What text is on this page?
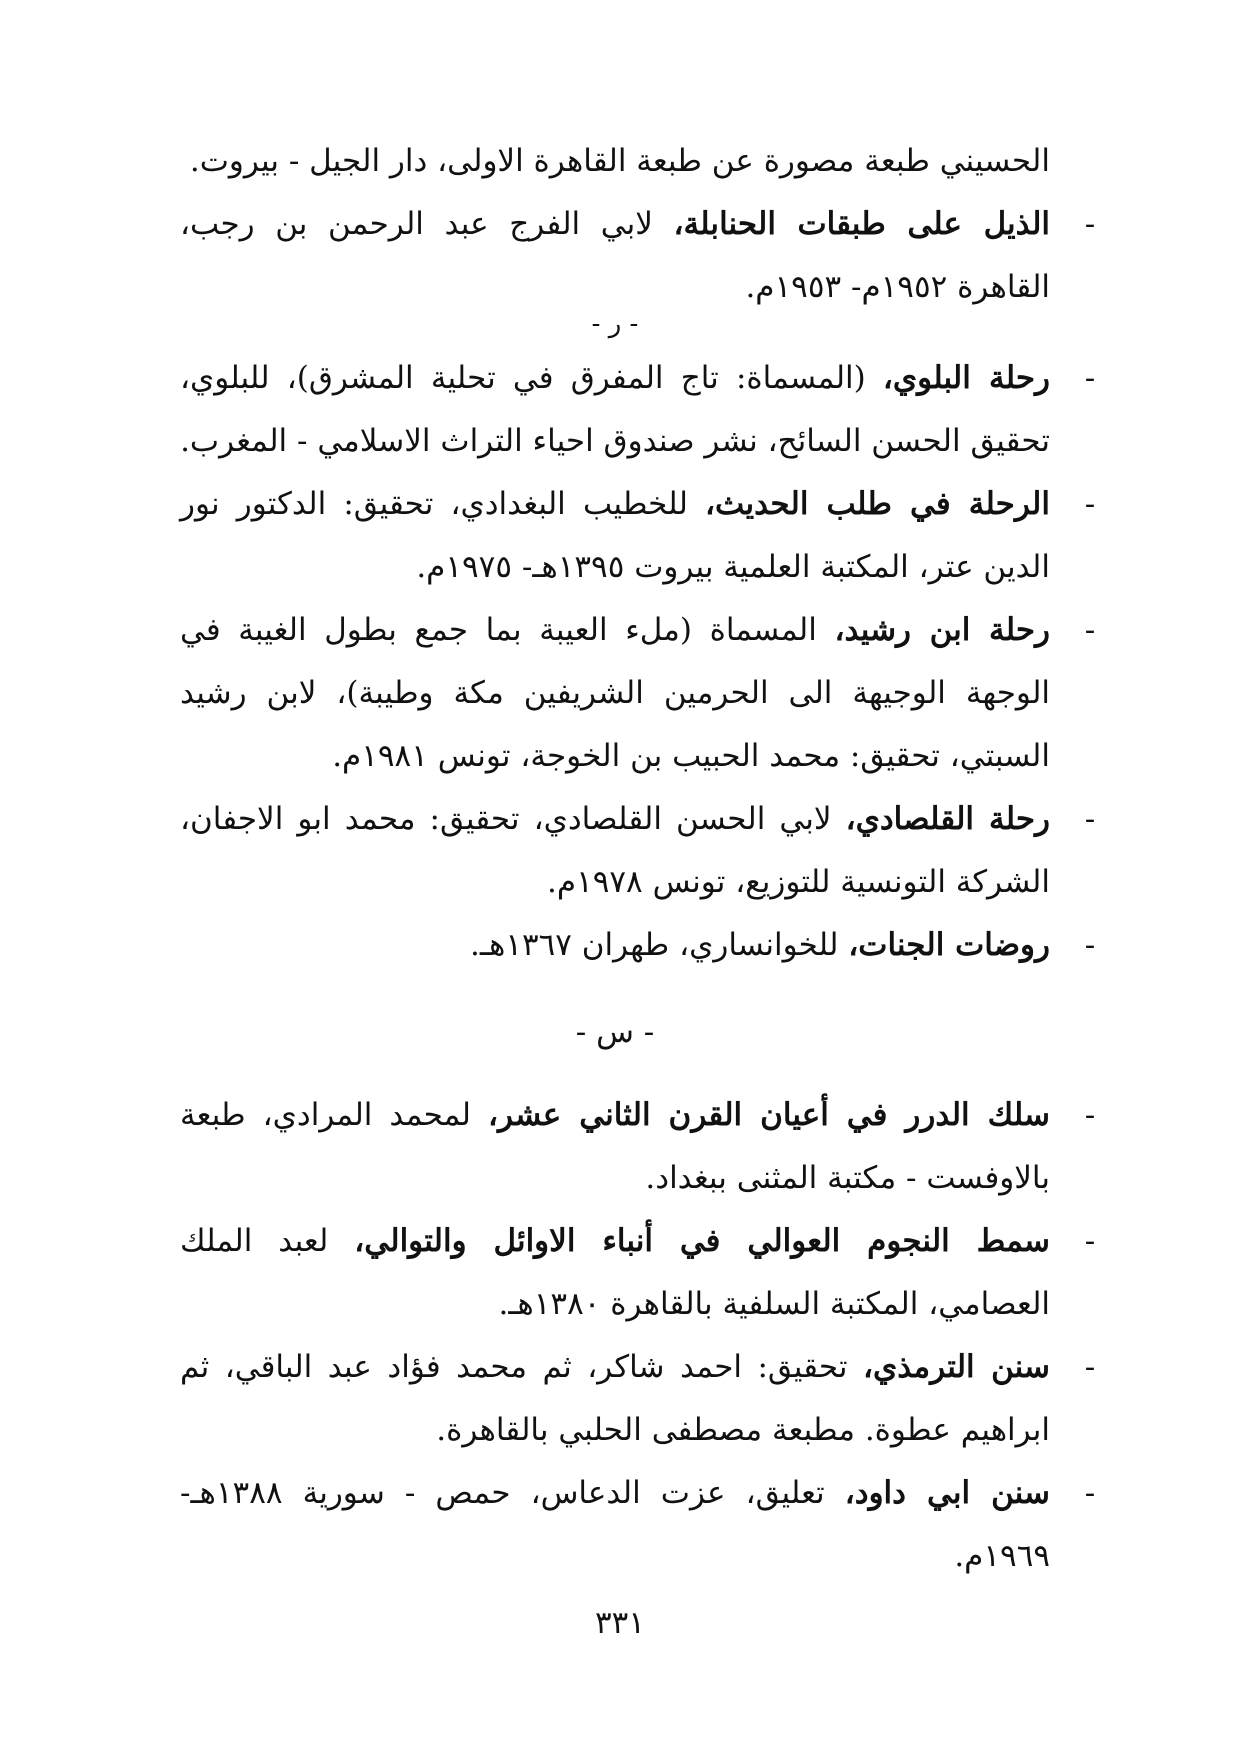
الحسيني طبعة مصورة عن طبعة القاهرة الاولى، دار الجيل - بيروت.

-
الذيل على طبقات الحنابلة، لابي الفرج عبد الرحمن بن رجب، القاهرة ١٩٥٢م- ١٩٥٣م.
- ر -
-
رحلة البلوي، (المسماة: تاج المفرق في تحلية المشرق)، للبلوي، تحقيق الحسن السائح، نشر صندوق احياء التراث الاسلامي - المغرب.
-
الرحلة في طلب الحديث، للخطيب البغدادي، تحقيق: الدكتور نور الدين عتر، المكتبة العلمية بيروت ١٣٩٥هـ- ١٩٧٥م.
-
رحلة ابن رشيد، المسماة (ملء العيبة بما جمع بطول الغيبة في الوجهة الوجيهة الى الحرمين الشريفين مكة وطيبة)، لابن رشيد السبتي، تحقيق: محمد الحبيب بن الخوجة، تونس ١٩٨١م.
-
رحلة القلصادي، لابي الحسن القلصادي، تحقيق: محمد ابو الاجفان، الشركة التونسية للتوزيع، تونس ١٩٧٨م.
-
روضات الجنات، للخوانساري، طهران ١٣٦٧هـ.
- س -
-
سلك الدرر في أعيان القرن الثاني عشر، لمحمد المرادي، طبعة بالاوفست - مكتبة المثنى ببغداد.
-
سمط النجوم العوالي في أنباء الاوائل والتوالي، لعبد الملك العصامي، المكتبة السلفية بالقاهرة ١٣٨٠هـ.
-
سنن الترمذي، تحقيق: احمد شاكر، ثم محمد فؤاد عبد الباقي، ثم ابراهيم عطوة. مطبعة مصطفى الحلبي بالقاهرة.
-
سنن ابي داود، تعليق، عزت الدعاس، حمص - سورية ١٣٨٨هـ- ١٩٦٩م.
٣٣١
